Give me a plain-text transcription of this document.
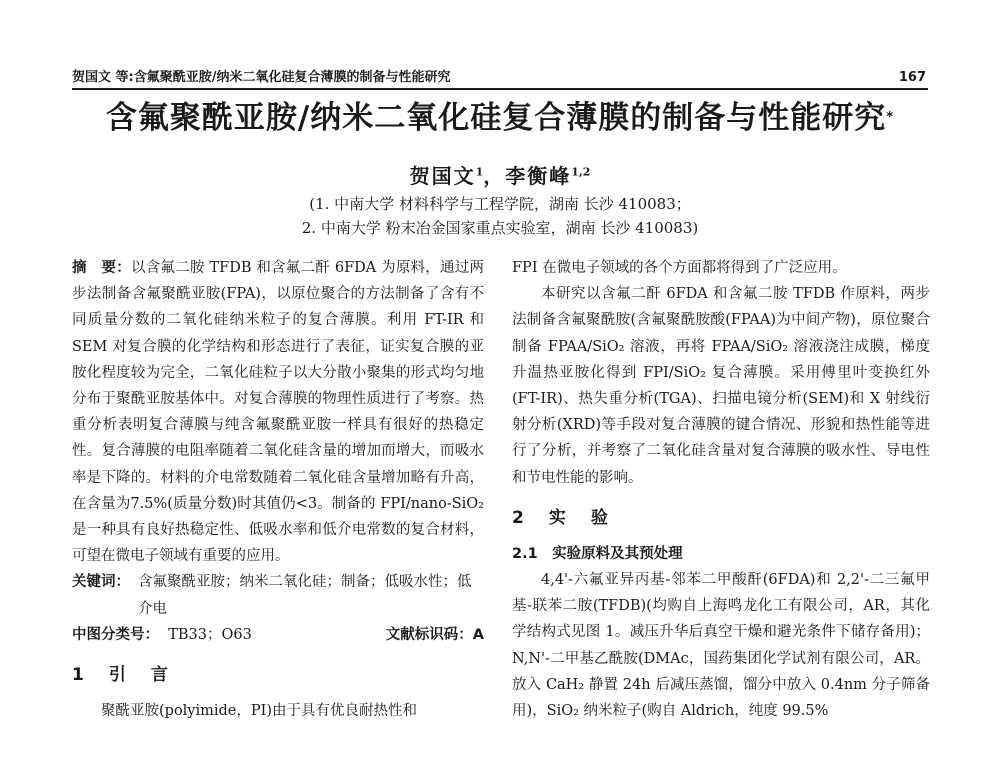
贺国文 等:含氟聚酰亚胺/纳米二氧化硅复合薄膜的制备与性能研究	167
含氟聚酰亚胺/纳米二氧化硅复合薄膜的制备与性能研究*
贺国文$^1$，李衡峰$^{1,2}$
(1. 中南大学 材料科学与工程学院，湖南 长沙 410083；
2. 中南大学 粉末冶金国家重点实验室，湖南 长沙 410083)

摘　要：以含氟二胺 TFDB 和含氟二酐 6FDA 为原料，通过两步法制备含氟聚酰亚胺(FPA)，以原位聚合的方法制备了含有不同质量分数的二氧化硅纳米粒子的复合薄膜。利用 FT-IR 和 SEM 对复合膜的化学结构和形态进行了表征，证实复合膜的亚胺化程度较为完全，二氧化硅粒子以大分散小聚集的形式均匀地分布于聚酰亚胺基体中。对复合薄膜的物理性质进行了考察。热重分析表明复合薄膜与纯含氟聚酰亚胺一样具有很好的热稳定性。复合薄膜的电阻率随着二氧化硅含量的增加而增大，而吸水率是下降的。材料的介电常数随着二氧化硅含量增加略有升高，在含量为7.5%(质量分数)时其值仍<3。制备的 FPI/nano-SiO₂ 是一种具有良好热稳定性、低吸水率和低介电常数的复合材料，可望在微电子领域有重要的应用。

关键词： 含氟聚酰亚胺；纳米二氧化硅；制备；低吸水性；低介电
中图分类号： TB33；O63	文献标识码：A
1　引　言

聚酰亚胺(polyimide，PI)由于具有优良耐热性和

FPI 在微电子领域的各个方面都将得到了广泛应用。

本研究以含氟二酐 6FDA 和含氟二胺 TFDB 作原料，两步法制备含氟聚酰胺(含氟聚酰胺酸(FPAA)为中间产物)，原位聚合制备 FPAA/SiO₂ 溶液，再将 FPAA/SiO₂ 溶液浇注成膜，梯度升温热亚胺化得到 FPI/SiO₂ 复合薄膜。采用傅里叶变换红外(FT-IR)、热失重分析(TGA)、扫描电镜分析(SEM)和 X 射线衍射分析(XRD)等手段对复合薄膜的键合情况、形貌和热性能等进行了分析，并考察了二氧化硅含量对复合薄膜的吸水性、导电性和节电性能的影响。

2　实　验
2.1　实验原料及其预处理

4,4'-六氟亚异丙基-邻苯二甲酸酐(6FDA)和 2,2'-二三氟甲基-联苯二胺(TFDB)(均购自上海鸣龙化工有限公司，AR，其化学结构式见图 1。减压升华后真空干燥和避光条件下储存备用)；N,N'-二甲基乙酰胺(DMAc，国药集团化学试剂有限公司，AR。放入 CaH₂ 静置 24h 后减压蒸馏，馏分中放入 0.4nm 分子筛备用)，SiO₂ 纳米粒子(购自 Aldrich，纯度 99.5%
